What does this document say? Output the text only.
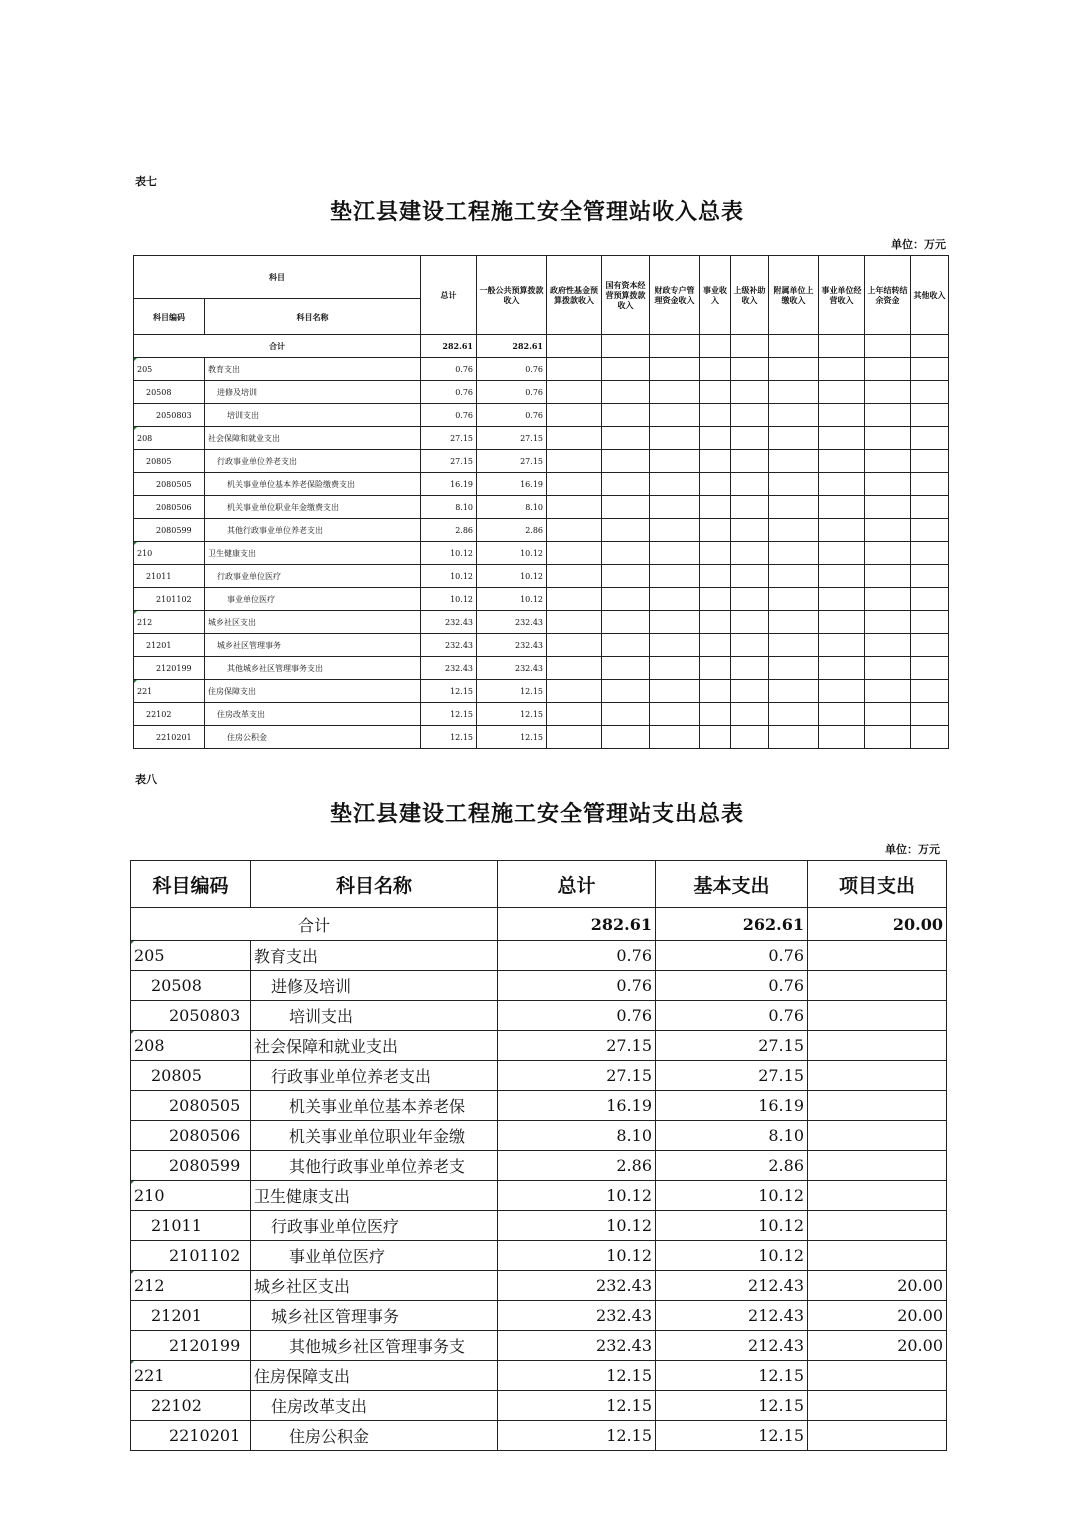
表七
垫江县建设工程施工安全管理站收入总表
单位：万元
科目		总计	一般公共预算拨款收入	政府性基金预算拨款收入	国有资本经营预算拨款收入	财政专户管理资金收入	事业收入	上级补助收入	附属单位上缴收入	事业单位经营收入	上年结转结余资金	其他收入
科目编码	科目名称											
合计		282.61	282.61									
205	教育支出	0.76	0.76									
20508	进修及培训	0.76	0.76									
2050803	培训支出	0.76	0.76									
208	社会保障和就业支出	27.15	27.15									
20805	行政事业单位养老支出	27.15	27.15									
2080505	机关事业单位基本养老保险缴费支出	16.19	16.19									
2080506	机关事业单位职业年金缴费支出	8.10	8.10									
2080599	其他行政事业单位养老支出	2.86	2.86									
210	卫生健康支出	10.12	10.12									
21011	行政事业单位医疗	10.12	10.12									
2101102	事业单位医疗	10.12	10.12									
212	城乡社区支出	232.43	232.43									
21201	城乡社区管理事务	232.43	232.43									
2120199	其他城乡社区管理事务支出	232.43	232.43									
221	住房保障支出	12.15	12.15									
22102	住房改革支出	12.15	12.15									
2210201	住房公积金	12.15	12.15									
表八
垫江县建设工程施工安全管理站支出总表
单位：万元
科目编码	科目名称	总计	基本支出	项目支出
合计		282.61	262.61	20.00
205	教育支出	0.76	0.76	
20508	进修及培训	0.76	0.76	
2050803	培训支出	0.76	0.76	
208	社会保障和就业支出	27.15	27.15	
20805	行政事业单位养老支出	27.15	27.15	
2080505	机关事业单位基本养老保	16.19	16.19	
2080506	机关事业单位职业年金缴	8.10	8.10	
2080599	其他行政事业单位养老支	2.86	2.86	
210	卫生健康支出	10.12	10.12	
21011	行政事业单位医疗	10.12	10.12	
2101102	事业单位医疗	10.12	10.12	
212	城乡社区支出	232.43	212.43	20.00
21201	城乡社区管理事务	232.43	212.43	20.00
2120199	其他城乡社区管理事务支	232.43	212.43	20.00
221	住房保障支出	12.15	12.15	
22102	住房改革支出	12.15	12.15	
2210201	住房公积金	12.15	12.15	
